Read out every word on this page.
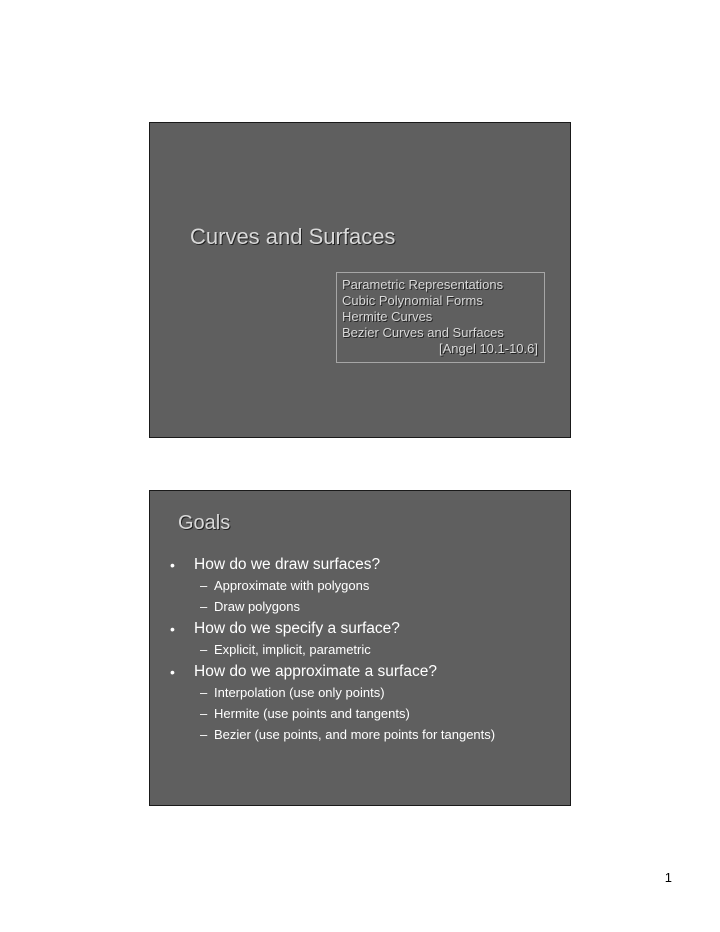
Curves and Surfaces
Parametric Representations
Cubic Polynomial Forms
Hermite Curves
Bezier Curves and Surfaces
[Angel 10.1-10.6]
Goals
• How do we draw surfaces?
– Approximate with polygons
– Draw polygons
• How do we specify a surface?
– Explicit, implicit, parametric
• How do we approximate a surface?
– Interpolation (use only points)
– Hermite (use points and tangents)
– Bezier (use points, and more points for tangents)
1
